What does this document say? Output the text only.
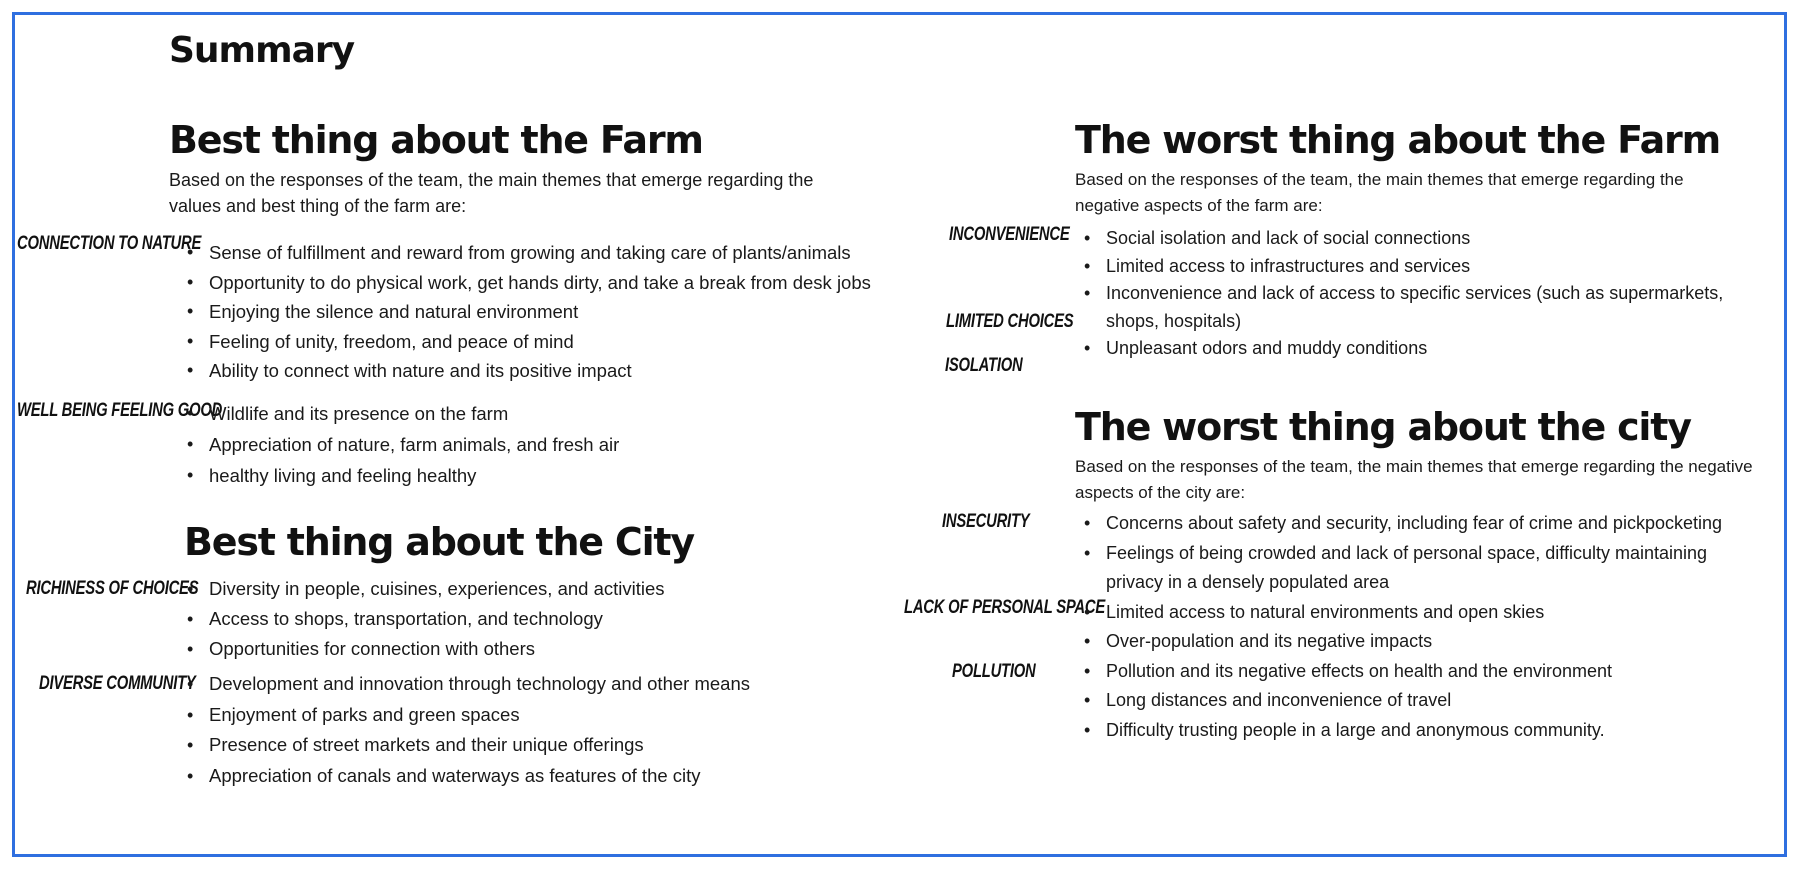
Summary
Best thing about the Farm
Based on the responses of the team, the main themes that emerge regarding the values and best thing of the farm are:
CONNECTION TO NATURE
WELL BEING FEELING GOOD
• Sense of fulfillment and reward from growing and taking care of plants/animals
• Opportunity to do physical work, get hands dirty, and take a break from desk jobs
• Enjoying the silence and natural environment
• Feeling of unity, freedom, and peace of mind
• Ability to connect with nature and its positive impact
• Wildlife and its presence on the farm
• Appreciation of nature, farm animals, and fresh air
• healthy living and feeling healthy
Best thing about the City
RICHINESS OF CHOICES
DIVERSE COMMUNITY
• Diversity in people, cuisines, experiences, and activities
• Access to shops, transportation, and technology
• Opportunities for connection with others
• Development and innovation through technology and other means
• Enjoyment of parks and green spaces
• Presence of street markets and their unique offerings
• Appreciation of canals and waterways as features of the city
The worst thing about the Farm
Based on the responses of the team, the main themes that emerge regarding the negative aspects of the farm are:
INCONVENIENCE
LIMITED CHOICES
ISOLATION
• Social isolation and lack of social connections
• Limited access to infrastructures and services
• Inconvenience and lack of access to specific services (such as supermarkets, shops, hospitals)
• Unpleasant odors and muddy conditions
The worst thing about the city
Based on the responses of the team, the main themes that emerge regarding the negative aspects of the city are:
INSECURITY
LACK OF PERSONAL SPACE
POLLUTION
• Concerns about safety and security, including fear of crime and pickpocketing
• Feelings of being crowded and lack of personal space, difficulty maintaining privacy in a densely populated area
• Limited access to natural environments and open skies
• Over-population and its negative impacts
• Pollution and its negative effects on health and the environment
• Long distances and inconvenience of travel
• Difficulty trusting people in a large and anonymous community.
